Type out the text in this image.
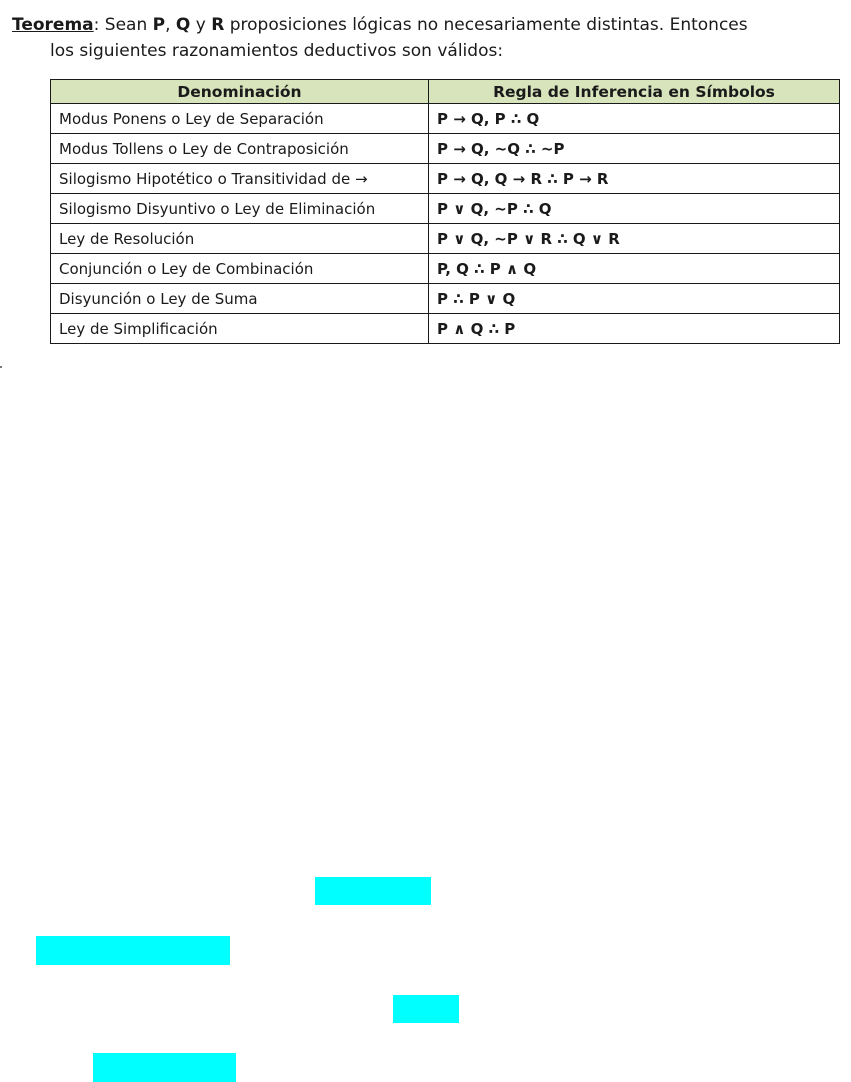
Teorema: Sean P, Q y R proposiciones lógicas no necesariamente distintas. Entonces
los siguientes razonamientos deductivos son válidos:
Denominación	Regla de Inferencia en Símbolos
Modus Ponens o Ley de Separación	P → Q, P ∴ Q
Modus Tollens o Ley de Contraposición	P → Q, ~Q ∴ ~P
Silogismo Hipotético o Transitividad de →	P → Q, Q → R ∴ P → R
Silogismo Disyuntivo o Ley de Eliminación	P ∨ Q, ~P ∴ Q
Ley de Resolución	P ∨ Q, ~P ∨ R ∴ Q ∨ R
Conjunción o Ley de Combinación	P, Q ∴ P ∧ Q
Disyunción o Ley de Suma	P ∴ P ∨ Q
Ley de Simplificación	P ∧ Q ∴ P
